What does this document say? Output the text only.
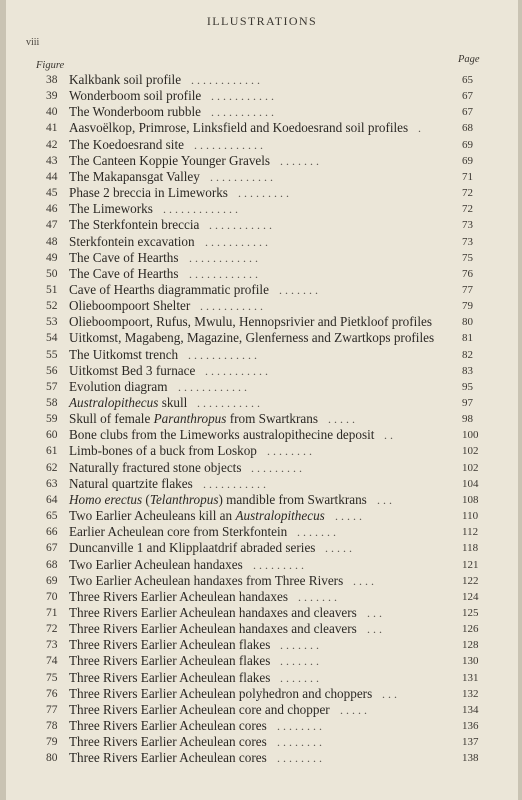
ILLUSTRATIONS
viii
Figure
Page
38 Kalkbank soil profile	65
. . . . . . . . . . . .
39 Wonderboom soil profile	67
. . . . . . . . . . .
40 The Wonderboom rubble	67
. . . . . . . . . . .
41 Aasvoëlkop, Primrose, Linksfield and Koedoesrand soil profiles	68
.
42 The Koedoesrand site	69
. . . . . . . . . . . .
43 The Canteen Koppie Younger Gravels	69
. . . . . . .
44 The Makapansgat Valley	71
. . . . . . . . . . .
45 Phase 2 breccia in Limeworks	72
. . . . . . . . .
46 The Limeworks	72
. . . . . . . . . . . . .
47 The Sterkfontein breccia	73
. . . . . . . . . . .
48 Sterkfontein excavation	73
. . . . . . . . . . .
49 The Cave of Hearths	75
. . . . . . . . . . . .
50 The Cave of Hearths	76
. . . . . . . . . . . .
51 Cave of Hearths diagrammatic profile	77
. . . . . . .
52 Olieboompoort Shelter	79
. . . . . . . . . . .
53 Olieboompoort, Rufus, Mwulu, Hennopsrivier and Pietkloof profiles	80
54 Uitkomst, Magabeng, Magazine, Glenferness and Zwartkops profiles	81
55 The Uitkomst trench	82
. . . . . . . . . . . .
56 Uitkomst Bed 3 furnace	83
. . . . . . . . . . .
57 Evolution diagram	95
. . . . . . . . . . . .
58 Australopithecus skull	97
. . . . . . . . . . .
59 Skull of female Paranthropus from Swartkrans	98
. . . . .
60 Bone clubs from the Limeworks australopithecine deposit	100
. .
61 Limb-bones of a buck from Loskop	102
. . . . . . . .
62 Naturally fractured stone objects	102
. . . . . . . . .
63 Natural quartzite flakes	104
. . . . . . . . . . .
64 Homo erectus (Telanthropus) mandible from Swartkrans	108
. . .
65 Two Earlier Acheuleans kill an Australopithecus	110
. . . . .
66 Earlier Acheulean core from Sterkfontein	112
. . . . . . .
67 Duncanville 1 and Klipplaatdrif abraded series	118
. . . . .
68 Two Earlier Acheulean handaxes	121
. . . . . . . . .
69 Two Earlier Acheulean handaxes from Three Rivers	122
. . . .
70 Three Rivers Earlier Acheulean handaxes	124
. . . . . . .
71 Three Rivers Earlier Acheulean handaxes and cleavers	125
. . .
72 Three Rivers Earlier Acheulean handaxes and cleavers	126
. . .
73 Three Rivers Earlier Acheulean flakes	128
. . . . . . .
74 Three Rivers Earlier Acheulean flakes	130
. . . . . . .
75 Three Rivers Earlier Acheulean flakes	131
. . . . . . .
76 Three Rivers Earlier Acheulean polyhedron and choppers	132
. . .
77 Three Rivers Earlier Acheulean core and chopper	134
. . . . .
78 Three Rivers Earlier Acheulean cores	136
. . . . . . . .
79 Three Rivers Earlier Acheulean cores	137
. . . . . . . .
80 Three Rivers Earlier Acheulean cores	138
. . . . . . . .
